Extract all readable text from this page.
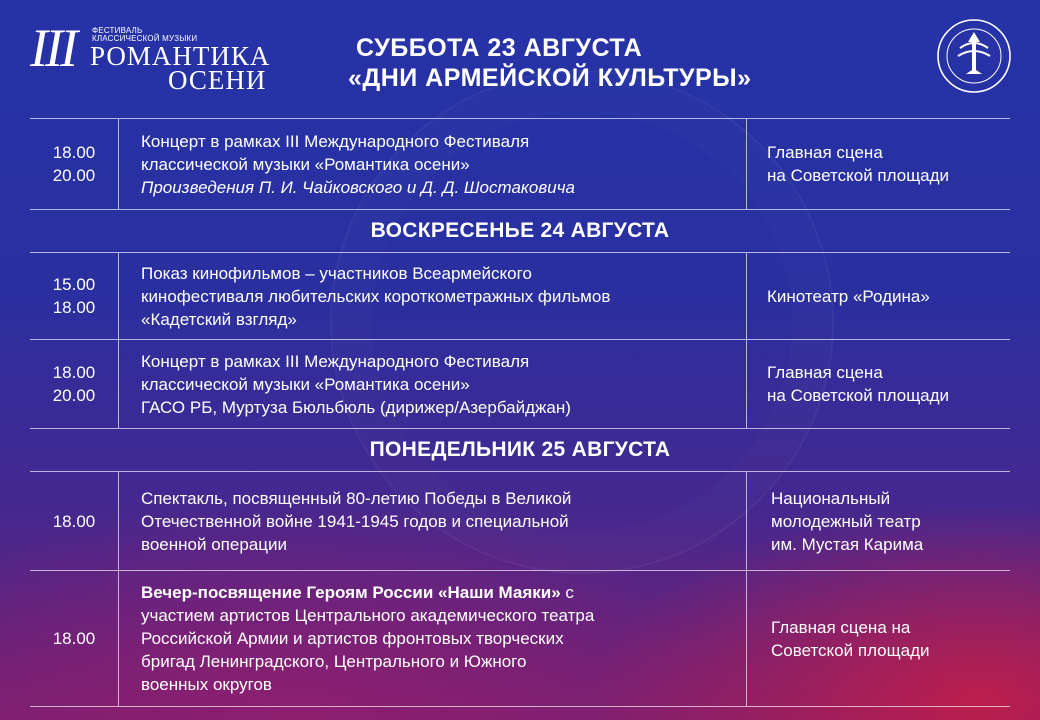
III ФЕСТИВАЛЬ
КЛАССИЧЕСКОЙ МУЗЫКИ
РОМАНТИКА
ОСЕНИ
СУББОТА 23 АВГУСТА
«ДНИ АРМЕЙСКОЙ КУЛЬТУРЫ»
18.00
20.00
Концерт в рамках III Международного Фестиваля
классической музыки «Романтика осени»
Произведения П. И. Чайковского и Д. Д. Шостаковича
Главная сцена
на Советской площади
ВОСКРЕСЕНЬЕ 24 АВГУСТА
15.00
18.00
Показ кинофильмов – участников Всеармейского
кинофестиваля любительских короткометражных фильмов
«Кадетский взгляд»
Кинотеатр «Родина»
18.00
20.00
Концерт в рамках III Международного Фестиваля
классической музыки «Романтика осени»
ГАСО РБ, Муртуза Бюльбюль (дирижер/Азербайджан)
Главная сцена
на Советской площади
ПОНЕДЕЛЬНИК 25 АВГУСТА
18.00
Спектакль, посвященный 80-летию Победы в Великой
Отечественной войне 1941-1945 годов и специальной
военной операции
Национальный
молодежный театр
им. Мустая Карима
18.00
Вечер-посвящение Героям России «Наши Маяки» с
участием артистов Центрального академического театра
Российской Армии и артистов фронтовых творческих
бригад Ленинградского, Центрального и Южного
военных округов
Главная сцена на
Советской площади
